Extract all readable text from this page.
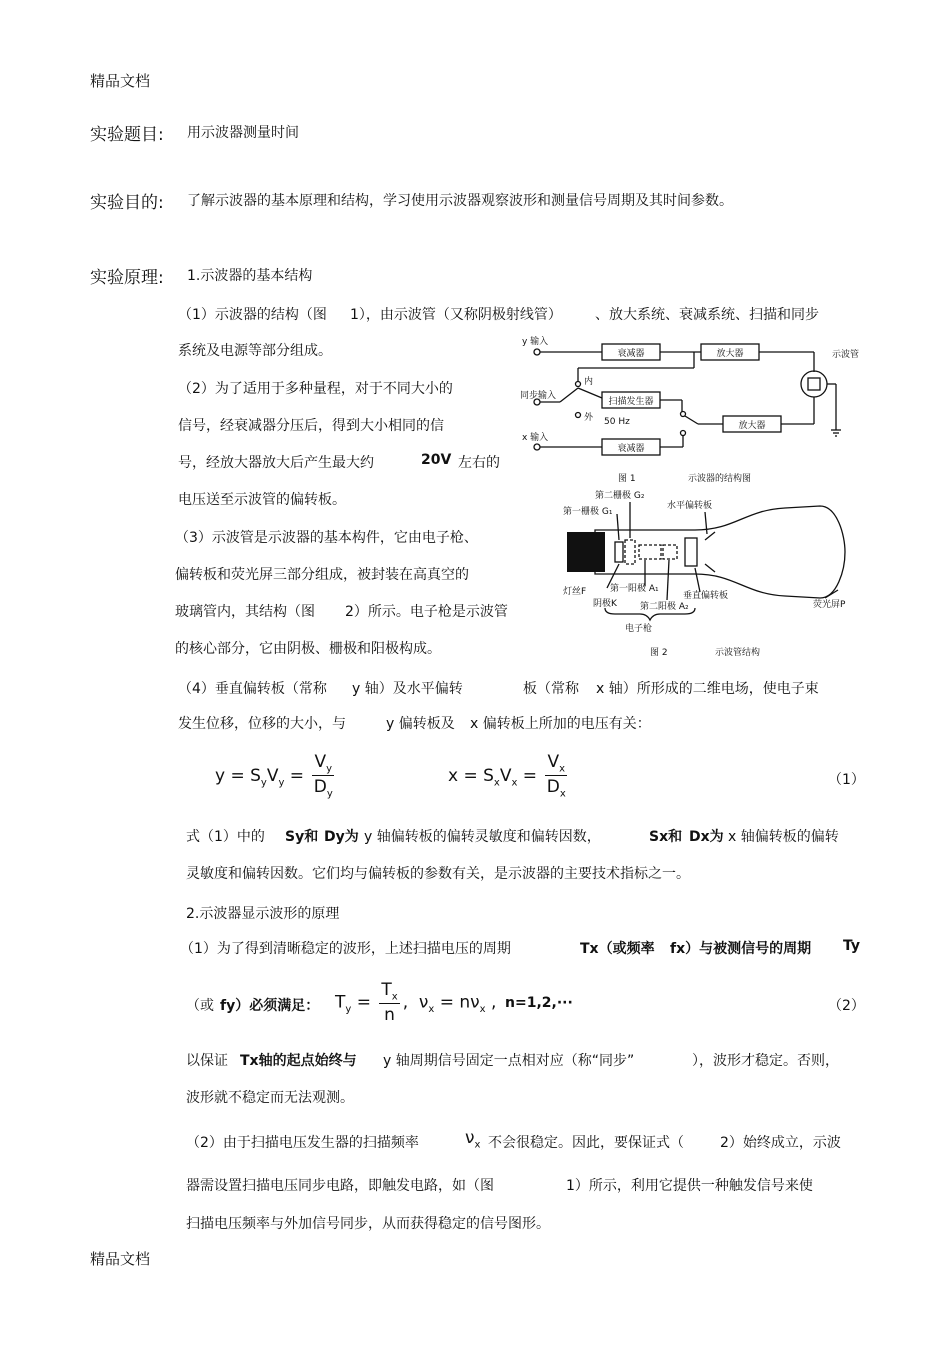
精品文档
精品文档
实验题目: 用示波器测量时间
实验目的: 了解示波器的基本原理和结构，学习使用示波器观察波形和测量信号周期及其时间参数。
实验原理: 1.示波器的基本结构
（1）示波器的结构（图 1），由示波管（又称阴极射线管） 、放大系统、衰减系统、扫描和同步
系统及电源等部分组成。
（2）为了适用于多种量程，对于不同大小的
信号，经衰减器分压后，得到大小相同的信
号，经放大器放大后产生最大约	20V 左右的
电压送至示波管的偏转板。
（3）示波管是示波器的基本构件，它由电子枪、
偏转板和荧光屏三部分组成，被封装在高真空的
玻璃管内，其结构（图 2）所示。电子枪是示波管
的核心部分，它由阴极、栅极和阳极构成。
y 输入
衰减器	放大器	示波管
内
同步输入
外
扫描发生器
50 Hz	放大器
x 输入
衰减器
图 1	示波器的结构图
第二栅极 G₂
第一栅极 G₁
水平偏转板
灯丝F	第一阳极 A₁
阴极K	第二阳极 A₂
垂直偏转板
荧光屏P
电子枪
图 2	示波管结构
（4）垂直偏转板（常称 y 轴）及水平偏转	板（常称 x 轴）所形成的二维电场，使电子束
发生位移，位移的大小，与	y 偏转板及 x 偏转板上所加的电压有关：
$y = S_yV_y = \frac{V_y}{D_y}$	$x = S_xV_x = \frac{V_x}{D_x}$	（1）
式（1）中的 Sy和 Dy为 y 轴偏转板的偏转灵敏度和偏转因数，	Sx和 Dx为 x 轴偏转板的偏转
灵敏度和偏转因数。它们均与偏转板的参数有关，是示波器的主要技术指标之一。
2.示波器显示波形的原理
（1）为了得到清晰稳定的波形，上述扫描电压的周期	Tx（或频率 fx）与被测信号的周期 Ty
（或 fy）必须满足： $T_y = \frac{T_x}{n}$ ,  $\nu_x = n\nu_x$ , n=1,2,···	（2）
以保证 Tx轴的起点始终与 y 轴周期信号固定一点相对应（称“同步”	），波形才稳定。否则，
波形就不稳定而无法观测。
（2）由于扫描电压发生器的扫描频率	$\nu_x$ 不会很稳定。因此，要保证式（	2）始终成立，示波
器需设置扫描电压同步电路，即触发电路，如（图	1）所示，利用它提供一种触发信号来使
扫描电压频率与外加信号同步，从而获得稳定的信号图形。
